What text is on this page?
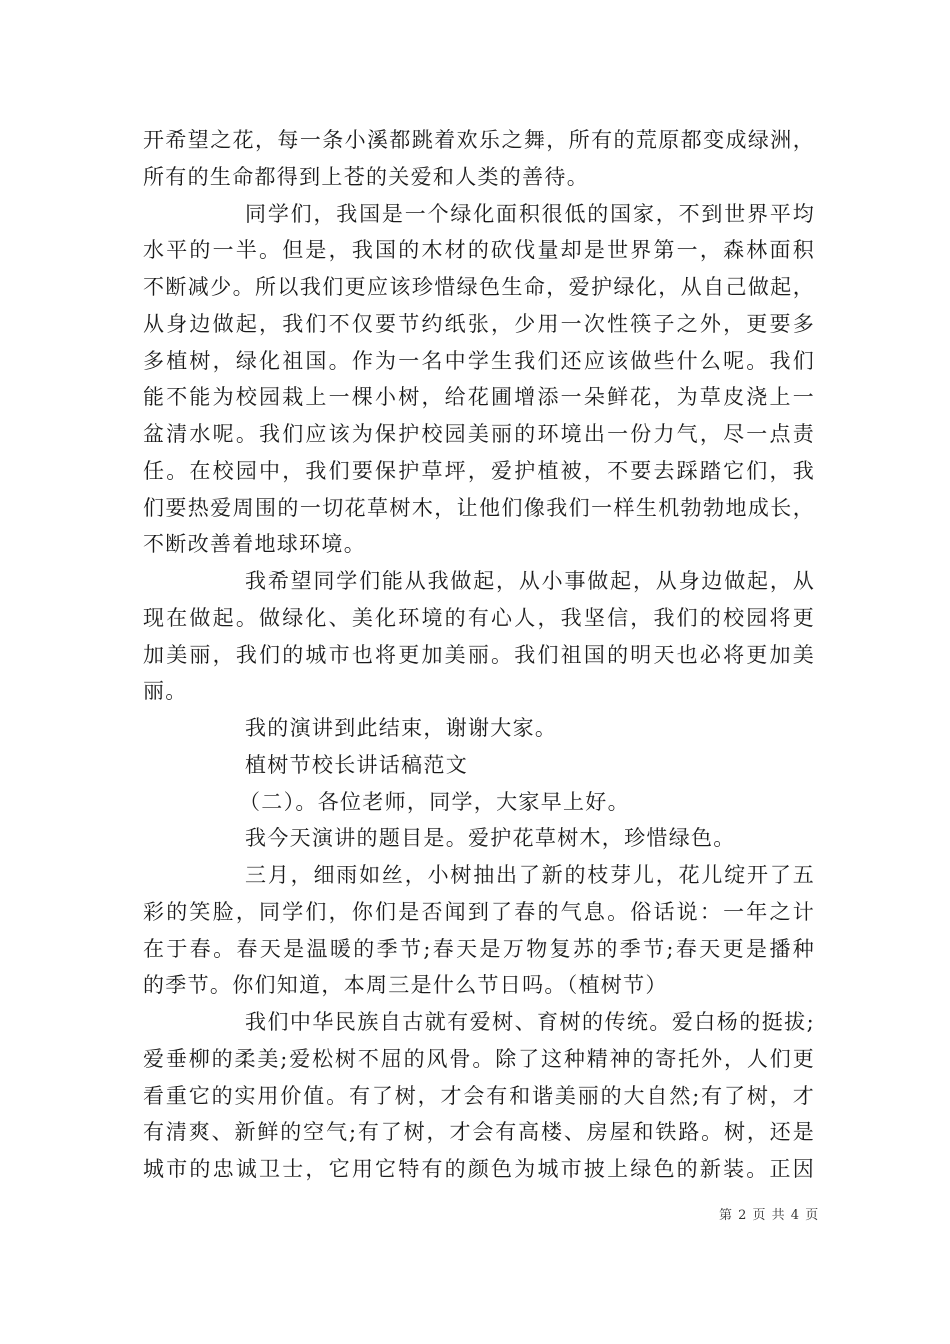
开希望之花，每一条小溪都跳着欢乐之舞，所有的荒原都变成绿洲，
所有的生命都得到上苍的关爱和人类的善待。
同学们，我国是一个绿化面积很低的国家，不到世界平均
水平的一半。但是，我国的木材的砍伐量却是世界第一，森林面积
不断减少。所以我们更应该珍惜绿色生命，爱护绿化，从自己做起，
从身边做起，我们不仅要节约纸张，少用一次性筷子之外，更要多
多植树，绿化祖国。作为一名中学生我们还应该做些什么呢。我们
能不能为校园栽上一棵小树，给花圃增添一朵鲜花，为草皮浇上一
盆清水呢。我们应该为保护校园美丽的环境出一份力气，尽一点责
任。在校园中，我们要保护草坪，爱护植被，不要去踩踏它们，我
们要热爱周围的一切花草树木，让他们像我们一样生机勃勃地成长，
不断改善着地球环境。
我希望同学们能从我做起，从小事做起，从身边做起，从
现在做起。做绿化、美化环境的有心人，我坚信，我们的校园将更
加美丽，我们的城市也将更加美丽。我们祖国的明天也必将更加美
丽。
我的演讲到此结束，谢谢大家。
植树节校长讲话稿范文
（二）。各位老师，同学，大家早上好。
我今天演讲的题目是。爱护花草树木，珍惜绿色。
三月，细雨如丝，小树抽出了新的枝芽儿，花儿绽开了五
彩的笑脸，同学们，你们是否闻到了春的气息。俗话说：一年之计
在于春。春天是温暖的季节;春天是万物复苏的季节;春天更是播种
的季节。你们知道，本周三是什么节日吗。（植树节）
我们中华民族自古就有爱树、育树的传统。爱白杨的挺拔;
爱垂柳的柔美;爱松树不屈的风骨。除了这种精神的寄托外，人们更
看重它的实用价值。有了树，才会有和谐美丽的大自然;有了树，才
有清爽、新鲜的空气;有了树，才会有高楼、房屋和铁路。树，还是
城市的忠诚卫士，它用它特有的颜色为城市披上绿色的新装。正因
第 2 页 共 4 页
